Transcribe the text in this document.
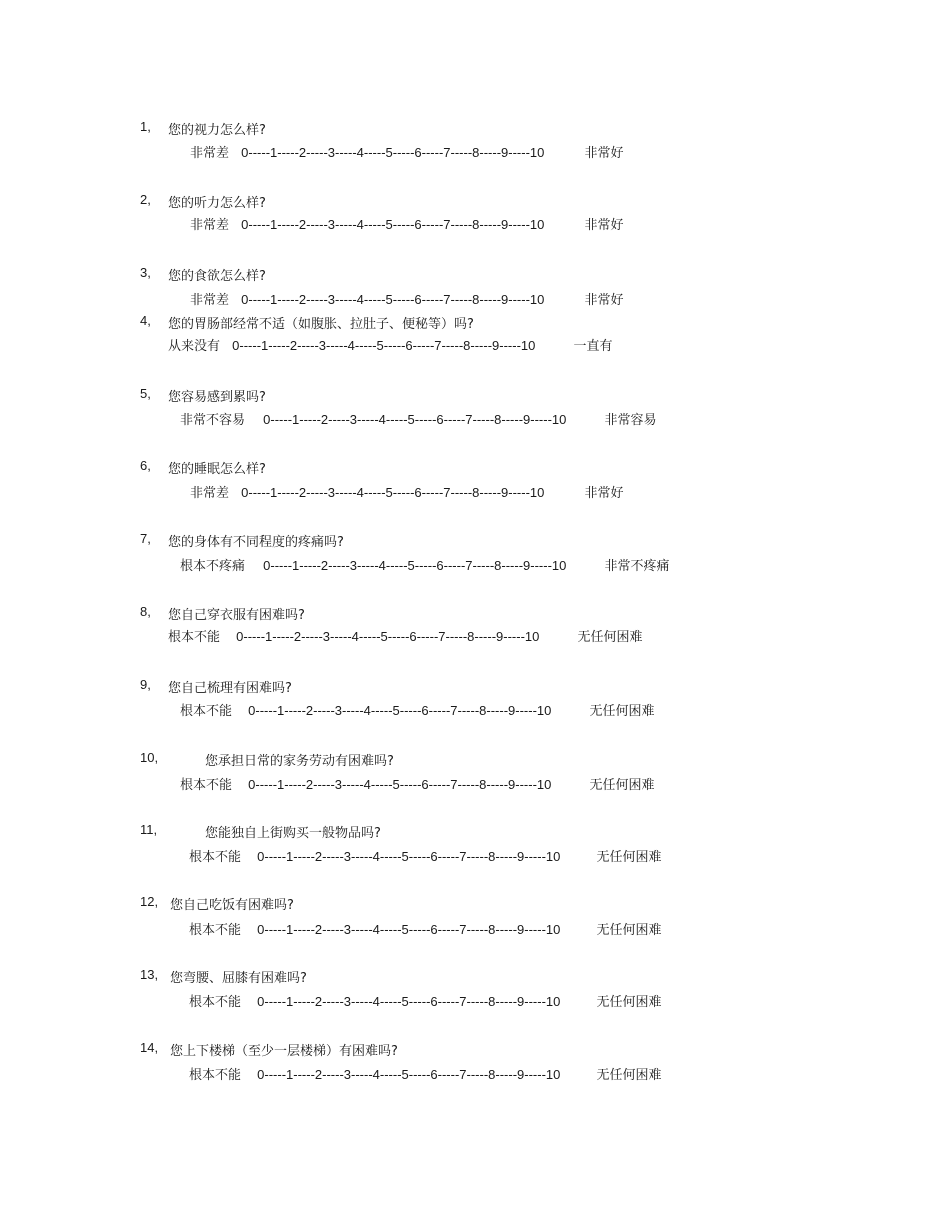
1, 您的视力怎么样?
非常差 0-----1-----2-----3-----4-----5-----6-----7-----8-----9-----10	非常好
2, 您的听力怎么样?
非常差 0-----1-----2-----3-----4-----5-----6-----7-----8-----9-----10	非常好
3, 您的食欲怎么样?
非常差 0-----1-----2-----3-----4-----5-----6-----7-----8-----9-----10	非常好
4, 您的胃肠部经常不适（如腹胀、拉肚子、便秘等）吗?
从来没有 0-----1-----2-----3-----4-----5-----6-----7-----8-----9-----10	一直有
5, 您容易感到累吗?
非常不容易 0-----1-----2-----3-----4-----5-----6-----7-----8-----9-----10	非常容易
6, 您的睡眠怎么样?
非常差 0-----1-----2-----3-----4-----5-----6-----7-----8-----9-----10	非常好
7, 您的身体有不同程度的疼痛吗?
根本不疼痛 0-----1-----2-----3-----4-----5-----6-----7-----8-----9-----10	非常不疼痛
8, 您自己穿衣服有困难吗?
根本不能 0-----1-----2-----3-----4-----5-----6-----7-----8-----9-----10	无任何困难
9, 您自己梳理有困难吗?
根本不能 0-----1-----2-----3-----4-----5-----6-----7-----8-----9-----10	无任何困难
10,	您承担日常的家务劳动有困难吗?
根本不能 0-----1-----2-----3-----4-----5-----6-----7-----8-----9-----10	无任何困难
11,	您能独自上街购买一般物品吗?
根本不能 0-----1-----2-----3-----4-----5-----6-----7-----8-----9-----10	无任何困难
12, 您自己吃饭有困难吗?
根本不能 0-----1-----2-----3-----4-----5-----6-----7-----8-----9-----10	无任何困难
13, 您弯腰、屈膝有困难吗?
根本不能 0-----1-----2-----3-----4-----5-----6-----7-----8-----9-----10	无任何困难
14, 您上下楼梯（至少一层楼梯）有困难吗?
根本不能 0-----1-----2-----3-----4-----5-----6-----7-----8-----9-----10	无任何困难
